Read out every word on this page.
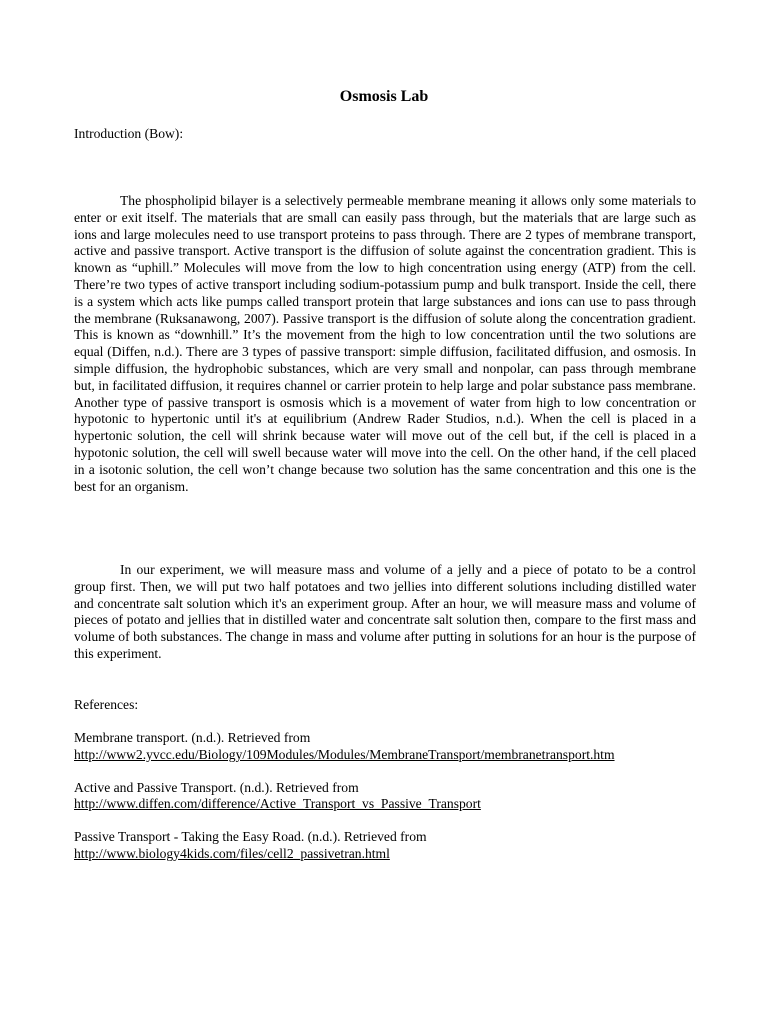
Osmosis Lab

Introduction (Bow):

The phospholipid bilayer is a selectively permeable membrane meaning it allows only some materials to enter or exit itself. The materials that are small can easily pass through, but the materials that are large such as ions and large molecules need to use transport proteins to pass through. There are 2 types of membrane transport, active and passive transport. Active transport is the diffusion of solute against the concentration gradient. This is known as “uphill.” Molecules will move from the low to high concentration using energy (ATP) from the cell. There’re two types of active transport including sodium-potassium pump and bulk transport. Inside the cell, there is a system which acts like pumps called transport protein that large substances and ions can use to pass through the membrane (Ruksanawong, 2007). Passive transport is the diffusion of solute along the concentration gradient. This is known as “downhill.” It’s the movement from the high to low concentration until the two solutions are equal (Diffen, n.d.). There are 3 types of passive transport: simple diffusion, facilitated diffusion, and osmosis. In simple diffusion, the hydrophobic substances, which are very small and nonpolar, can pass through membrane but, in facilitated diffusion, it requires channel or carrier protein to help large and polar substance pass membrane. Another type of passive transport is osmosis which is a movement of water from high to low concentration or hypotonic to hypertonic until it's at equilibrium (Andrew Rader Studios, n.d.). When the cell is placed in a hypertonic solution, the cell will shrink because water will move out of the cell but, if the cell is placed in a hypotonic solution, the cell will swell because water will move into the cell. On the other hand, if the cell placed in a isotonic solution, the cell won’t change because two solution has the same concentration and this one is the best for an organism.

In our experiment, we will measure mass and volume of a jelly and a piece of potato to be a control group first. Then, we will put two half potatoes and two jellies into different solutions including distilled water and concentrate salt solution which it's an experiment group. After an hour, we will measure mass and volume of pieces of potato and jellies that in distilled water and concentrate salt solution then, compare to the first mass and volume of both substances. The change in mass and volume after putting in solutions for an hour is the purpose of this experiment.

References:

Membrane transport. (n.d.). Retrieved from
http://www2.yvcc.edu/Biology/109Modules/Modules/MembraneTransport/membranetransport.htm
Active and Passive Transport. (n.d.). Retrieved from
http://www.diffen.com/difference/Active_Transport_vs_Passive_Transport
Passive Transport - Taking the Easy Road. (n.d.). Retrieved from
http://www.biology4kids.com/files/cell2_passivetran.html
